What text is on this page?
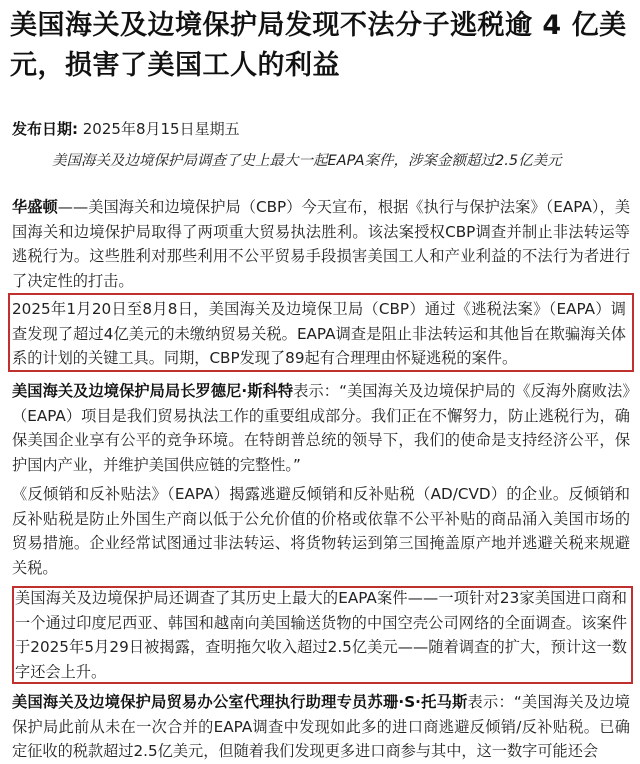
美国海关及边境保护局发现不法分子逃税逾 4 亿美元，损害了美国工人的利益
发布日期: 2025年8月15日星期五
美国海关及边境保护局调查了史上最大一起EAPA案件，涉案金额超过2.5亿美元
华盛顿——美国海关和边境保护局（CBP）今天宣布，根据《执行与保护法案》（EAPA），美国海关和边境保护局取得了两项重大贸易执法胜利。该法案授权CBP调查并制止非法转运等逃税行为。这些胜利对那些利用不公平贸易手段损害美国工人和产业利益的不法行为者进行了决定性的打击。
2025年1月20日至8月8日，美国海关及边境保卫局（CBP）通过《逃税法案》（EAPA）调查发现了超过4亿美元的未缴纳贸易关税。EAPA调查是阻止非法转运和其他旨在欺骗海关体系的计划的关键工具。同期，CBP发现了89起有合理理由怀疑逃税的案件。
美国海关及边境保护局局长罗德尼·斯科特表示：“美国海关及边境保护局的《反海外腐败法》（EAPA）项目是我们贸易执法工作的重要组成部分。我们正在不懈努力，防止逃税行为，确保美国企业享有公平的竞争环境。在特朗普总统的领导下，我们的使命是支持经济公平，保护国内产业，并维护美国供应链的完整性。”
《反倾销和反补贴法》（EAPA）揭露逃避反倾销和反补贴税（AD/CVD）的企业。反倾销和反补贴税是防止外国生产商以低于公允价值的价格或依靠不公平补贴的商品涌入美国市场的贸易措施。企业经常试图通过非法转运、将货物转运到第三国掩盖原产地并逃避关税来规避关税。
美国海关及边境保护局还调查了其历史上最大的EAPA案件——一项针对23家美国进口商和一个通过印度尼西亚、韩国和越南向美国输送货物的中国空壳公司网络的全面调查。该案件于2025年5月29日被揭露，查明拖欠收入超过2.5亿美元——随着调查的扩大，预计这一数字还会上升。
美国海关及边境保护局贸易办公室代理执行助理专员苏珊·S·托马斯表示：“美国海关及边境保护局此前从未在一次合并的EAPA调查中发现如此多的进口商逃避反倾销/反补贴税。已确定征收的税款超过2.5亿美元，但随着我们发现更多进口商参与其中，这一数字可能还会
